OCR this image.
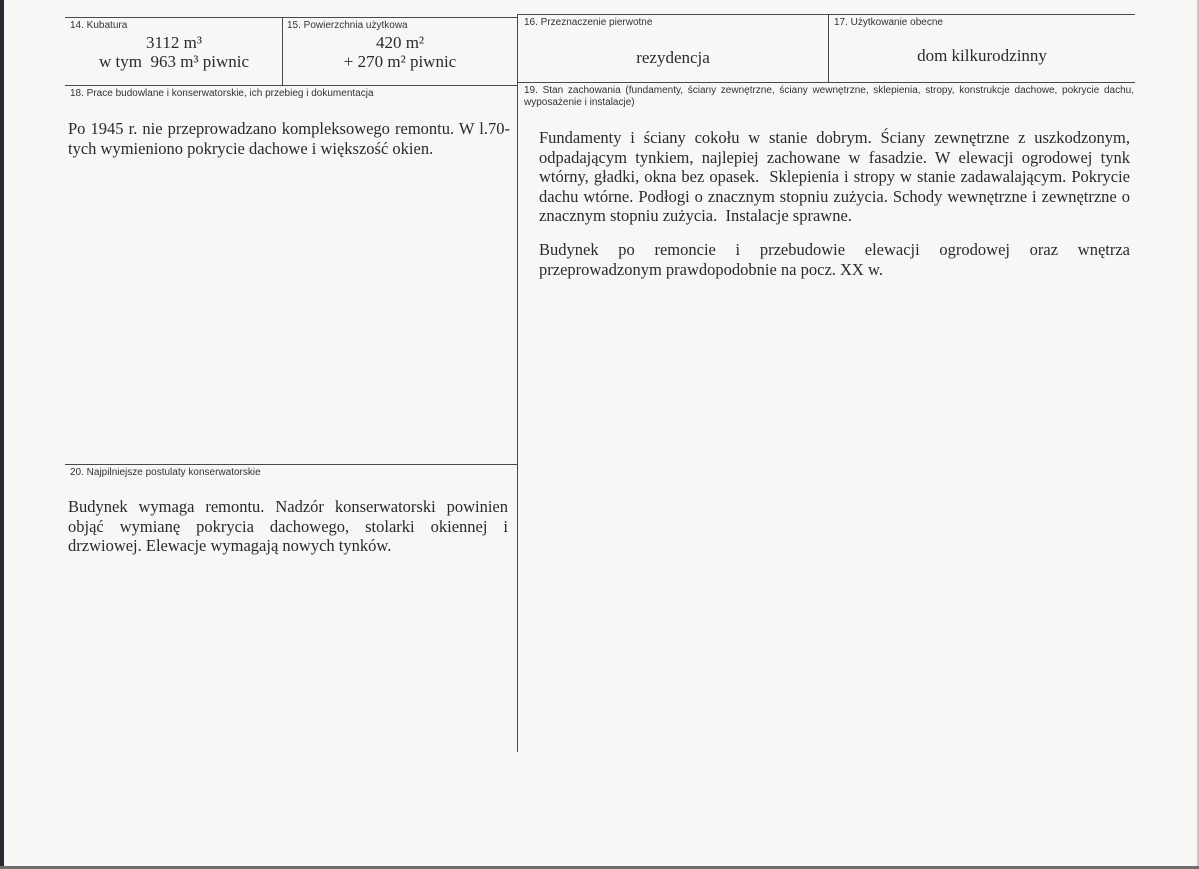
14. Kubatura
3112 m³
w tym  963 m³ piwnic
15. Powierzchnia użytkowa
420 m²
+ 270 m² piwnic
16. Przeznaczenie pierwotne
rezydencja
17. Użytkowanie obecne
dom kilkurodzinny
18. Prace budowlane i konserwatorskie, ich przebieg i dokumentacja
Po 1945 r. nie przeprowadzano kompleksowego remontu. W l.70-tych wymieniono pokrycie dachowe i większość okien.
19. Stan zachowania (fundamenty, ściany zewnętrzne, ściany wewnętrzne, sklepienia, stropy, konstrukcje dachowe, pokrycie dachu, wyposażenie i instalacje)
Fundamenty i ściany cokołu w stanie dobrym. Ściany zewnętrzne z uszkodzonym, odpadającym tynkiem, najlepiej zachowane w fasadzie. W elewacji ogrodowej tynk wtórny, gładki, okna bez opasek.  Sklepienia i stropy w stanie zadawalającym. Pokrycie dachu wtórne. Podłogi o znacznym stopniu zużycia. Schody wewnętrzne i zewnętrzne o znacznym stopniu zużycia.  Instalacje sprawne.
Budynek po remoncie i przebudowie elewacji ogrodowej oraz wnętrza przeprowadzonym prawdopodobnie na pocz. XX w.
20. Najpilniejsze postulaty konserwatorskie
Budynek wymaga remontu. Nadzór konserwatorski powinien objąć wymianę pokrycia dachowego, stolarki okiennej i drzwiowej. Elewacje wymagają nowych tynków.
